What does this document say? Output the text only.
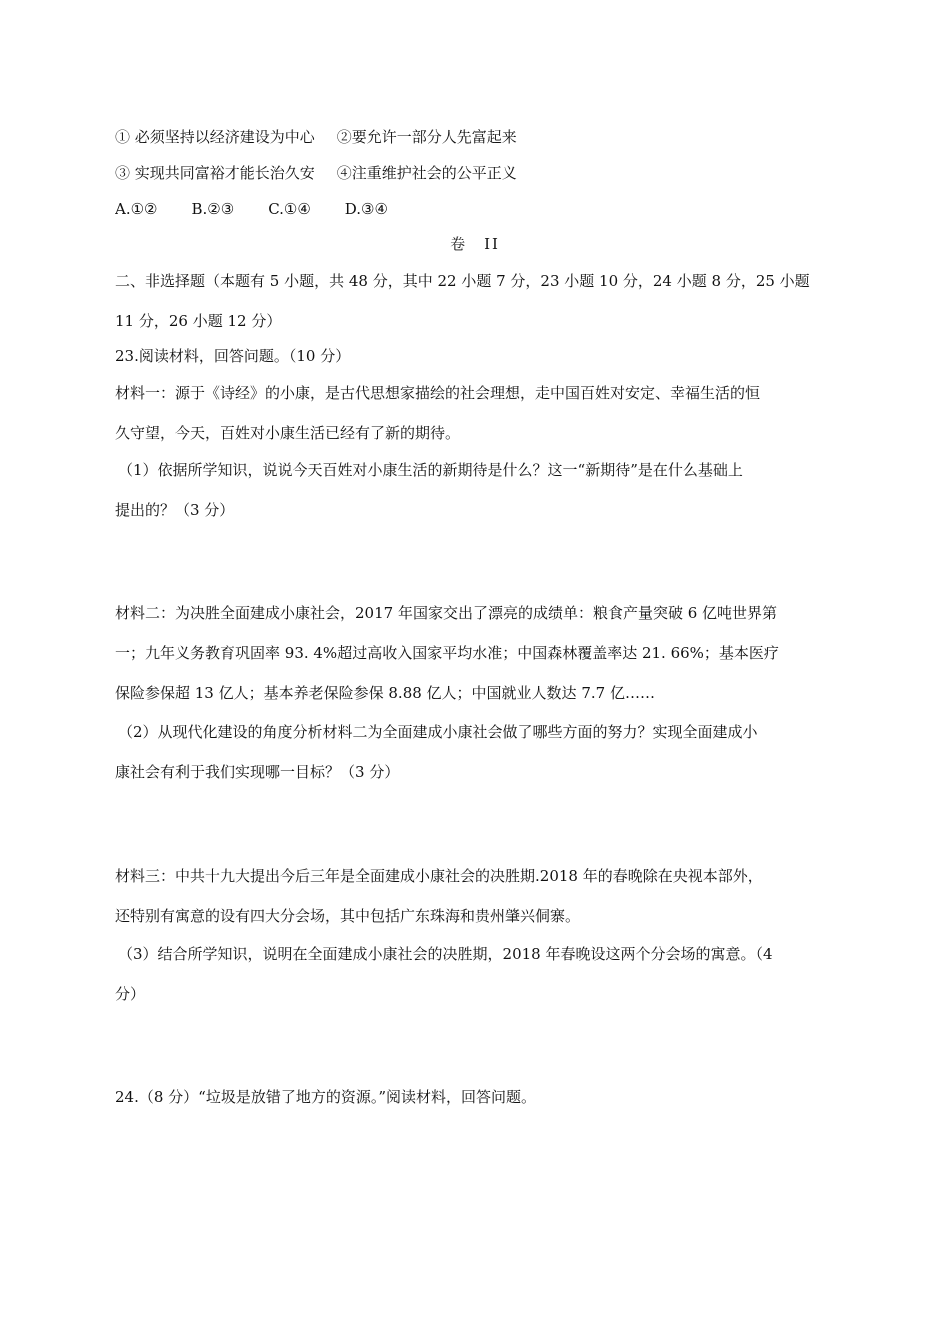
① 必须坚持以经济建设为中心 ②要允许一部分人先富起来
③ 实现共同富裕才能长治久安 ④注重维护社会的公平正义
A.①② B.②③ C.①④ D.③④
卷　II
二、非选择题（本题有 5 小题，共 48 分，其中 22 小题 7 分，23 小题 10 分，24 小题 8 分，25 小题
11 分，26 小题 12 分）
23.阅读材料，回答问题。（10 分）
材料一：源于《诗经》的小康，是古代思想家描绘的社会理想，走中国百姓对安定、幸福生活的恒
久守望，今天，百姓对小康生活已经有了新的期待。
（1）依据所学知识，说说今天百姓对小康生活的新期待是什么？这一“新期待”是在什么基础上
提出的？（3 分）
材料二：为决胜全面建成小康社会，2017 年国家交出了漂亮的成绩单：粮食产量突破 6 亿吨世界第
一；九年义务教育巩固率 93. 4%超过高收入国家平均水准；中国森林覆盖率达 21. 66%；基本医疗
保险参保超 13 亿人；基本养老保险参保 8.88 亿人；中国就业人数达 7.7 亿……
（2）从现代化建设的角度分析材料二为全面建成小康社会做了哪些方面的努力？实现全面建成小
康社会有利于我们实现哪一目标？（3 分）
材料三：中共十九大提出今后三年是全面建成小康社会的决胜期.2018 年的春晚除在央视本部外，
还特别有寓意的设有四大分会场，其中包括广东珠海和贵州肇兴侗寨。
（3）结合所学知识，说明在全面建成小康社会的决胜期，2018 年春晚设这两个分会场的寓意。（4
分）
24.（8 分）“垃圾是放错了地方的资源。”阅读材料，回答问题。
